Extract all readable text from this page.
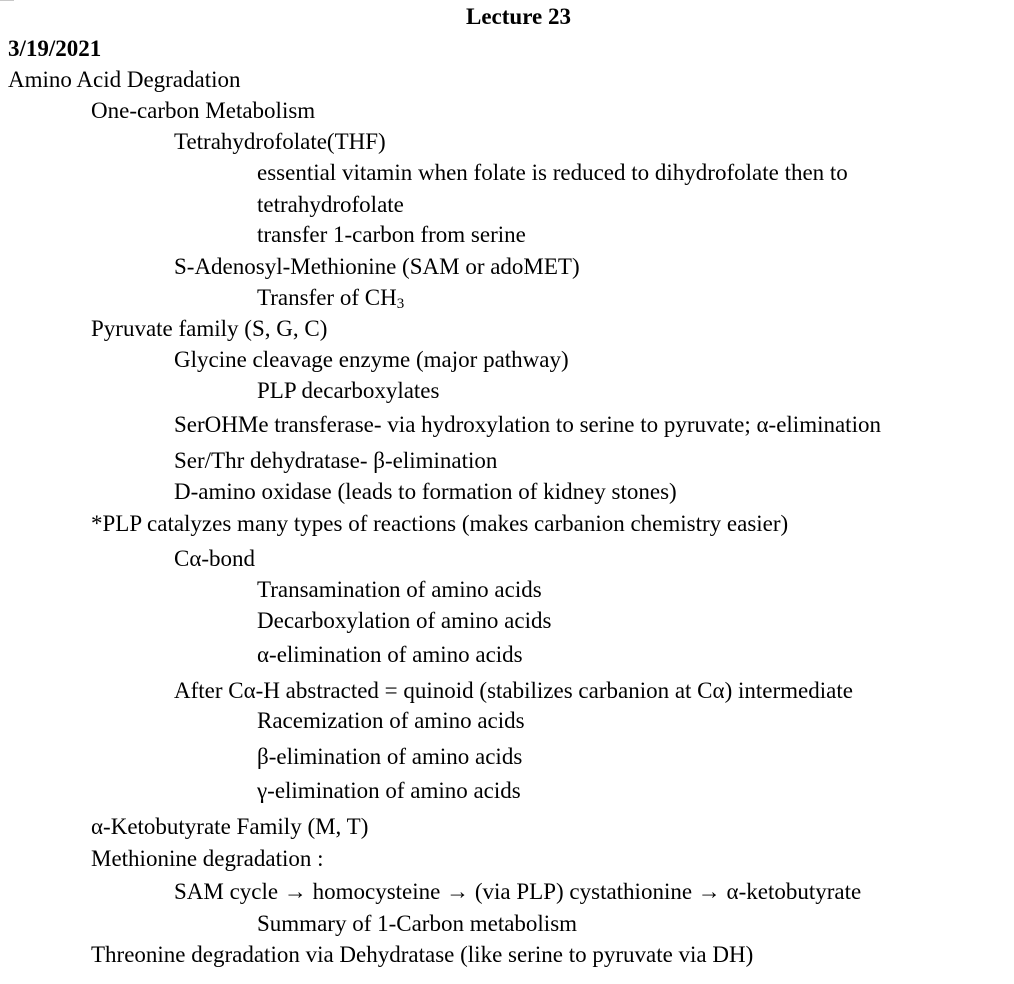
Lecture 23
3/19/2021
Amino Acid Degradation
One-carbon Metabolism
Tetrahydrofolate(THF)
essential vitamin when folate is reduced to dihydrofolate then to
tetrahydrofolate
transfer 1-carbon from serine
S-Adenosyl-Methionine (SAM or adoMET)
Transfer of $CH_3$
Pyruvate family (S, G, C)
Glycine cleavage enzyme (major pathway)
PLP decarboxylates
SerOHMe transferase- via hydroxylation to serine to pyruvate; α-elimination
Ser/Thr dehydratase- β-elimination
D-amino oxidase (leads to formation of kidney stones)
*PLP catalyzes many types of reactions (makes carbanion chemistry easier)
Cα-bond
Transamination of amino acids
Decarboxylation of amino acids
α-elimination of amino acids
After Cα-H abstracted = quinoid (stabilizes carbanion at Cα) intermediate
Racemization of amino acids
β-elimination of amino acids
γ-elimination of amino acids
α-Ketobutyrate Family (M, T)
Methionine degradation :
SAM cycle → homocysteine → (via PLP) cystathionine → α-ketobutyrate
Summary of 1-Carbon metabolism
Threonine degradation via Dehydratase (like serine to pyruvate via DH)
